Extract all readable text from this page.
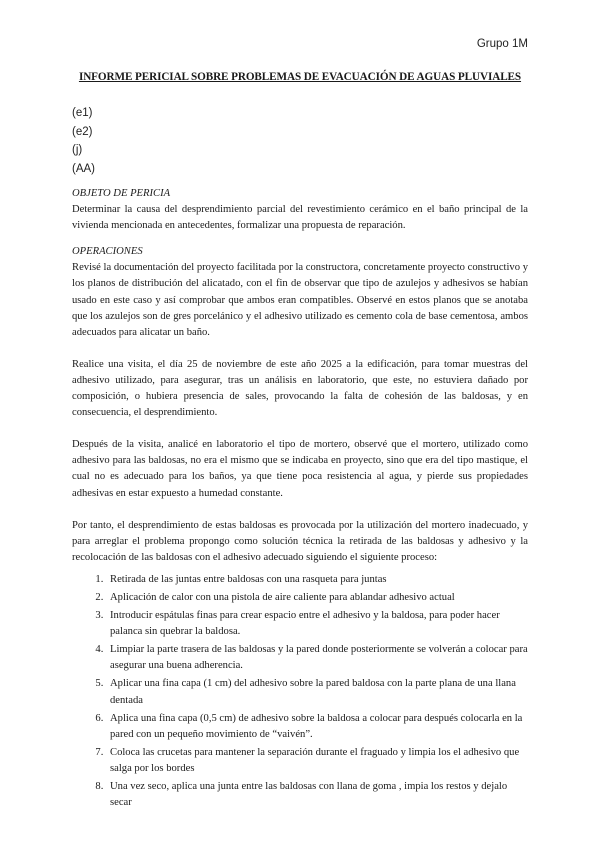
Grupo 1M
INFORME PERICIAL SOBRE PROBLEMAS DE EVACUACIÓN DE AGUAS PLUVIALES
(e1)
(e2)
(j)
(AA)

OBJETO DE PERICIA

Determinar la causa del desprendimiento parcial del revestimiento cerámico en el baño principal de la vivienda mencionada en antecedentes, formalizar una propuesta de reparación.

OPERACIONES

Revisé la documentación del proyecto facilitada por la constructora, concretamente proyecto constructivo y los planos de distribución del alicatado, con el fin de observar que tipo de azulejos y adhesivos se habían usado en este caso y así comprobar que ambos eran compatibles. Observé en estos planos que se anotaba que los azulejos son de gres porcelánico y el adhesivo utilizado es cemento cola de base cementosa, ambos adecuados para alicatar un baño.

Realice una visita, el día 25 de noviembre de este año 2025 a la edificación, para tomar muestras del adhesivo utilizado, para asegurar, tras un análisis en laboratorio, que este, no estuviera dañado por composición, o hubiera presencia de sales, provocando la falta de cohesión de las baldosas, y en consecuencia, el desprendimiento.

Después de la visita, analicé en laboratorio el tipo de mortero, observé que el mortero, utilizado como adhesivo para las baldosas, no era el mismo que se indicaba en proyecto, sino que era del tipo mastique, el cual no es adecuado para los baños, ya que tiene poca resistencia al agua, y pierde sus propiedades adhesivas en estar expuesto a humedad constante.

Por tanto, el desprendimiento de estas baldosas es provocada por la utilización del mortero inadecuado, y para arreglar el problema propongo como solución técnica la retirada de las baldosas y adhesivo y la recolocación de las baldosas con el adhesivo adecuado siguiendo el siguiente proceso:

1. Retirada de las juntas entre baldosas con una rasqueta para juntas
2. Aplicación de calor con una pistola de aire caliente para ablandar adhesivo actual
3. Introducir espátulas finas para crear espacio entre el adhesivo y la baldosa, para poder hacer palanca sin quebrar la baldosa.
4. Limpiar la parte trasera de las baldosas y la pared donde posteriormente se volverán a colocar para asegurar una buena adherencia.
5. Aplicar una fina capa (1 cm) del adhesivo sobre la pared baldosa con la parte plana de una llana dentada
6. Aplica una fina capa (0,5 cm) de adhesivo sobre la baldosa a colocar para después colocarla en la pared con un pequeño movimiento de “vaivén”.
7. Coloca las crucetas para mantener la separación durante el fraguado y limpia los el adhesivo que salga por los bordes
8. Una vez seco, aplica una junta entre las baldosas con llana de goma , impia los restos y dejalo secar
